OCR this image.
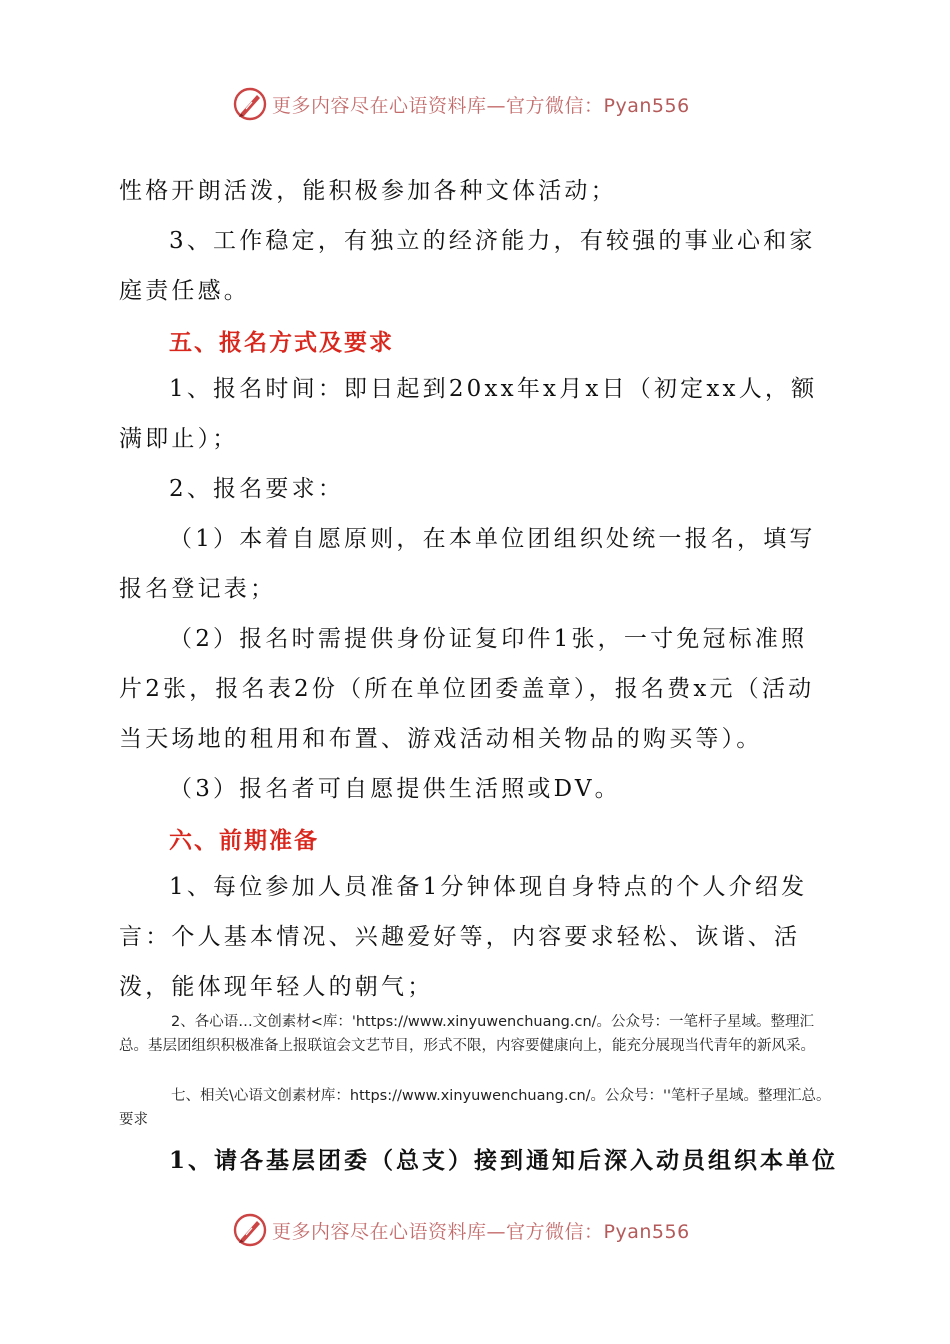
更多内容尽在心语资料库—官方微信：Pyan556

性格开朗活泼，能积极参加各种文体活动；

3、工作稳定，有独立的经济能力，有较强的事业心和家庭责任感。

五、报名方式及要求

1、报名时间：即日起到20xx年x月x日（初定xx人，额满即止）；

2、报名要求：

（1）本着自愿原则，在本单位团组织处统一报名，填写报名登记表；

（2）报名时需提供身份证复印件1张，一寸免冠标准照片2张，报名表2份（所在单位团委盖章），报名费x元（活动当天场地的租用和布置、游戏活动相关物品的购买等）。

（3）报名者可自愿提供生活照或DV。

六、前期准备

1、每位参加人员准备1分钟体现自身特点的个人介绍发言：个人基本情况、兴趣爱好等，内容要求轻松、诙谐、活泼，能体现年轻人的朝气；

2、各心语…文创素材<库：'https://www.xinyuwenchuang.cn/。公众号：一笔杆子星域。整理汇总。基层团组织积极准备上报联谊会文艺节目，形式不限，内容要健康向上，能充分展现当代青年的新风采。

七、相关\心语文创素材库：https://www.xinyuwenchuang.cn/。公众号：''笔杆子星域。整理汇总。要求

1、请各基层团委（总支）接到通知后深入动员组织本单位

更多内容尽在心语资料库—官方微信：Pyan556
